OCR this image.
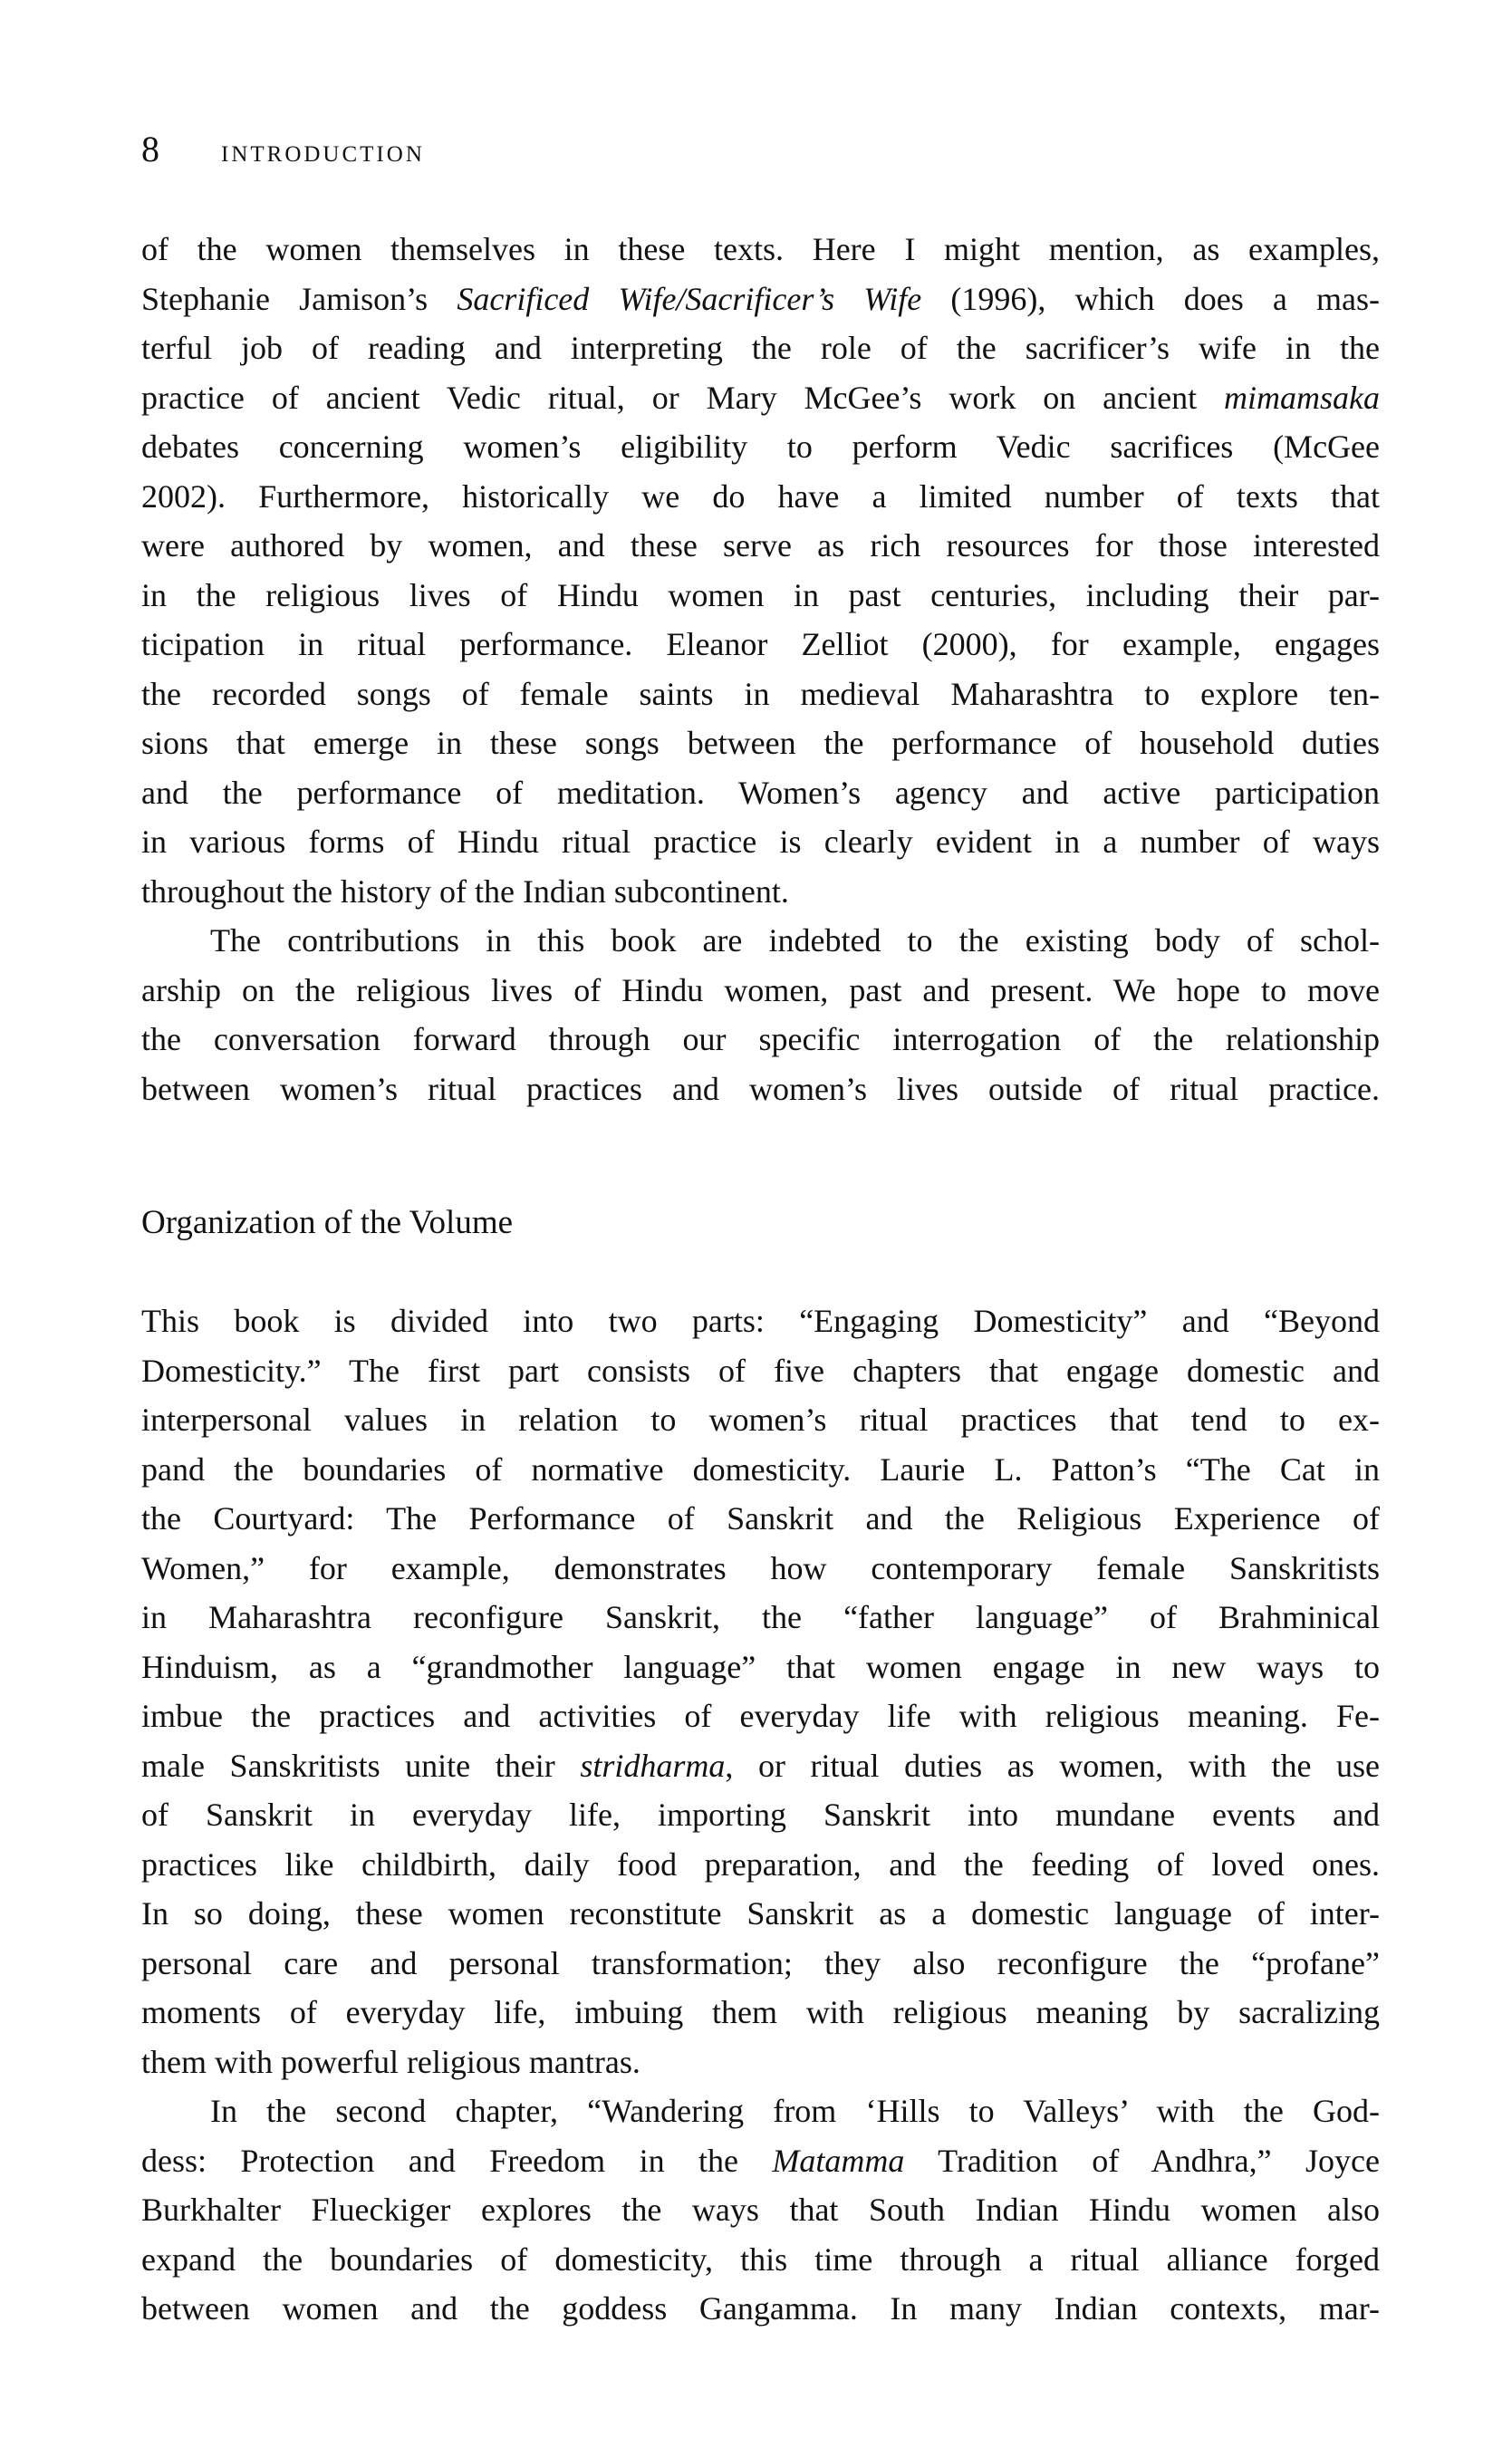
8	INTRODUCTION
of the women themselves in these texts. Here I might mention, as examples,
Stephanie Jamison’s Sacrificed Wife/Sacrificer’s Wife (1996), which does a mas-
terful job of reading and interpreting the role of the sacrificer’s wife in the
practice of ancient Vedic ritual, or Mary McGee’s work on ancient mimamsaka
debates concerning women’s eligibility to perform Vedic sacrifices (McGee
2002). Furthermore, historically we do have a limited number of texts that
were authored by women, and these serve as rich resources for those interested
in the religious lives of Hindu women in past centuries, including their par-
ticipation in ritual performance. Eleanor Zelliot (2000), for example, engages
the recorded songs of female saints in medieval Maharashtra to explore ten-
sions that emerge in these songs between the performance of household duties
and the performance of meditation. Women’s agency and active participation
in various forms of Hindu ritual practice is clearly evident in a number of ways
throughout the history of the Indian subcontinent.
The contributions in this book are indebted to the existing body of schol-
arship on the religious lives of Hindu women, past and present. We hope to move
the conversation forward through our specific interrogation of the relationship
between women’s ritual practices and women’s lives outside of ritual practice.
Organization of the Volume
This book is divided into two parts: “Engaging Domesticity” and “Beyond
Domesticity.” The first part consists of five chapters that engage domestic and
interpersonal values in relation to women’s ritual practices that tend to ex-
pand the boundaries of normative domesticity. Laurie L. Patton’s “The Cat in
the Courtyard: The Performance of Sanskrit and the Religious Experience of
Women,” for example, demonstrates how contemporary female Sanskritists
in Maharashtra reconfigure Sanskrit, the “father language” of Brahminical
Hinduism, as a “grandmother language” that women engage in new ways to
imbue the practices and activities of everyday life with religious meaning. Fe-
male Sanskritists unite their stridharma, or ritual duties as women, with the use
of Sanskrit in everyday life, importing Sanskrit into mundane events and
practices like childbirth, daily food preparation, and the feeding of loved ones.
In so doing, these women reconstitute Sanskrit as a domestic language of inter-
personal care and personal transformation; they also reconfigure the “profane”
moments of everyday life, imbuing them with religious meaning by sacralizing
them with powerful religious mantras.
In the second chapter, “Wandering from ‘Hills to Valleys’ with the God-
dess: Protection and Freedom in the Matamma Tradition of Andhra,” Joyce
Burkhalter Flueckiger explores the ways that South Indian Hindu women also
expand the boundaries of domesticity, this time through a ritual alliance forged
between women and the goddess Gangamma. In many Indian contexts, mar-
